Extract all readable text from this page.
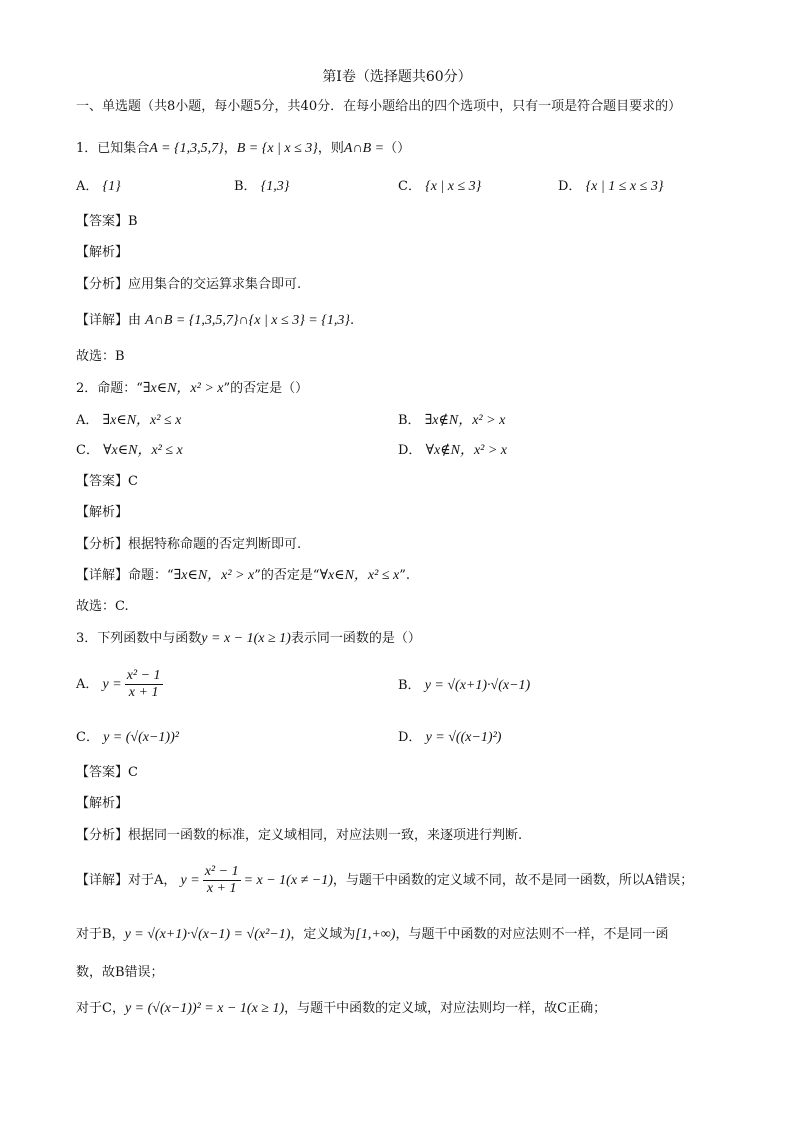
第Ⅰ卷（选择题共60分）
一、单选题（共8小题，每小题5分，共40分．在每小题给出的四个选项中，只有一项是符合题目要求的）
1．已知集合A = {1,3,5,7}，B = {x | x ≤ 3}，则A∩B =（）
A． {1}	B． {1,3}	C． {x | x ≤ 3}	D． {x | 1 ≤ x ≤ 3}
【答案】B
【解析】
【分析】应用集合的交运算求集合即可.
【详解】由 A∩B = {1,3,5,7}∩{x | x ≤ 3} = {1,3}.
故选：B
2．命题：“∃x∈N，x² > x”的否定是（）
A． ∃x∈N，x² ≤ x	B． ∃x∉N，x² > x
C． ∀x∈N，x² ≤ x	D． ∀x∉N，x² > x
【答案】C
【解析】
【分析】根据特称命题的否定判断即可.
【详解】命题：“∃x∈N，x² > x”的否定是“∀x∈N，x² ≤ x”.
故选：C.
3．下列函数中与函数y = x − 1(x ≥ 1)表示同一函数的是（）
A． $y = \frac{\text{x² − 1}}{x + 1}$	B． y = √(x+1)·√(x−1)
C． y = (√(x−1))²	D． y = √((x−1)²)
【答案】C
【解析】
【分析】根据同一函数的标准，定义域相同，对应法则一致，来逐项进行判断.
【详解】对于A， $y = \frac{\text{x² − 1}}{x + 1} = x - 1(x \ne -1)$，与题干中函数的定义域不同，故不是同一函数，所以A错误；
对于B，y = √(x+1)·√(x−1) = √(x²−1)，定义域为[1,+∞)，与题干中函数的对应法则不一样，不是同一函
数，故B错误；
对于C，y = (√(x−1))² = x − 1(x ≥ 1)，与题干中函数的定义域，对应法则均一样，故C正确；
